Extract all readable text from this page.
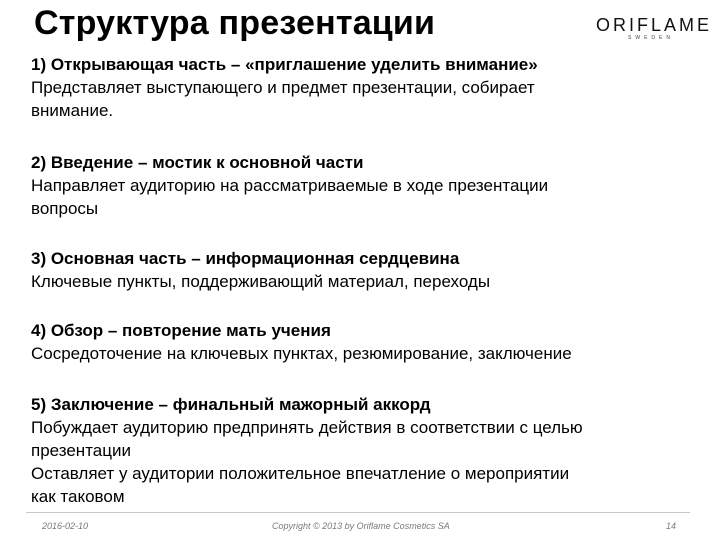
Структура презентации	ORIFLAME
SWEDEN
1) Открывающая часть – «приглашение уделить внимание»
Представляет выступающего и предмет презентации, собирает
внимание.
2) Введение – мостик к основной части
Направляет аудиторию на рассматриваемые в ходе презентации
вопросы
3) Основная часть – информационная сердцевина
Ключевые пункты, поддерживающий материал, переходы
4) Обзор – повторение мать учения
Сосредоточение на ключевых пунктах, резюмирование, заключение
5) Заключение – финальный мажорный аккорд
Побуждает аудиторию предпринять действия в соответствии с целью
презентации
Оставляет у аудитории положительное впечатление о мероприятии
как таковом
2016-02-10	Copyright © 2013 by Oriflame Cosmetics SA	14
